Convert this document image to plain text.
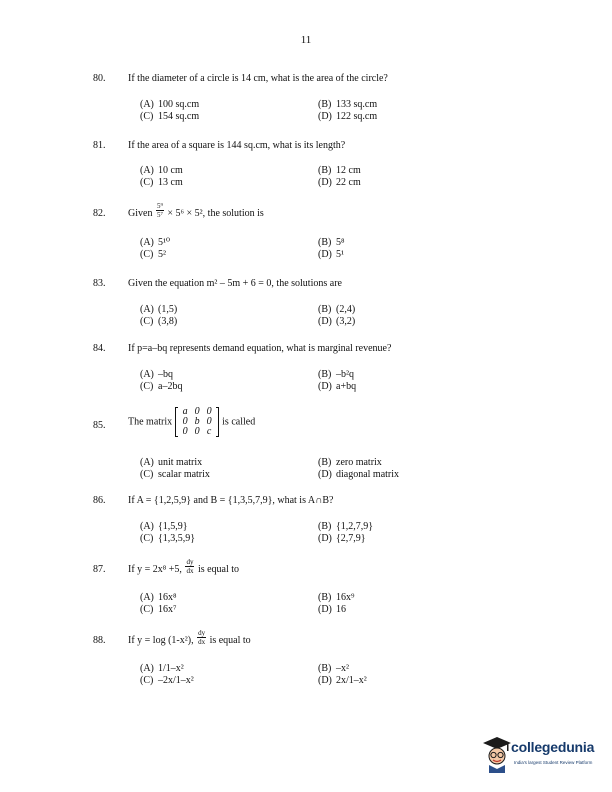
11
80. If the diameter of a circle is 14 cm, what is the area of the circle?
(A) 100 sq.cm	(B) 133 sq.cm
(C) 154 sq.cm	(D) 122 sq.cm
81. If the area of a square is 144 sq.cm, what is its length?
(A) 10 cm	(B) 12 cm
(C) 13 cm	(D) 22 cm
82. Given $\frac{\text{5⁹}}{\text{5⁷}} \times 5^6 \times 5^2$, the solution is
(A) 5¹⁰	(B) 5⁸
(C) 5²	(D) 5¹
83. Given the equation m² – 5m + 6 = 0, the solutions are
(A) (1,5)	(B) (2,4)
(C) (3,8)	(D) (3,2)
84. If p=a–bq represents demand equation, what is marginal revenue?
(A) –bq	(B) –b²q
(C) a–2bq	(D) a+bq
85. The matrix
a 0 0
0 b 0
0 0 c
is called
(A) unit matrix	(B) zero matrix
(C) scalar matrix	(D) diagonal matrix
86. If A = {1,2,5,9} and B = {1,3,5,7,9}, what is A∩B?
(A) {1,5,9}	(B) {1,2,7,9}
(C) {1,3,5,9}	(D) {2,7,9}
87. If y = 2x⁸ +5, $\frac{dy}{dx}$ is equal to
(A) 16x⁸	(B) 16x⁹
(C) 16x⁷	(D) 16
88. If y = log (1-x²), $\frac{dy}{dx}$ is equal to
(A) 1/1–x²	(B) –x²
(C) –2x/1–x²	(D) 2x/1–x²
collegedunia
India's largest Student Review Platform
